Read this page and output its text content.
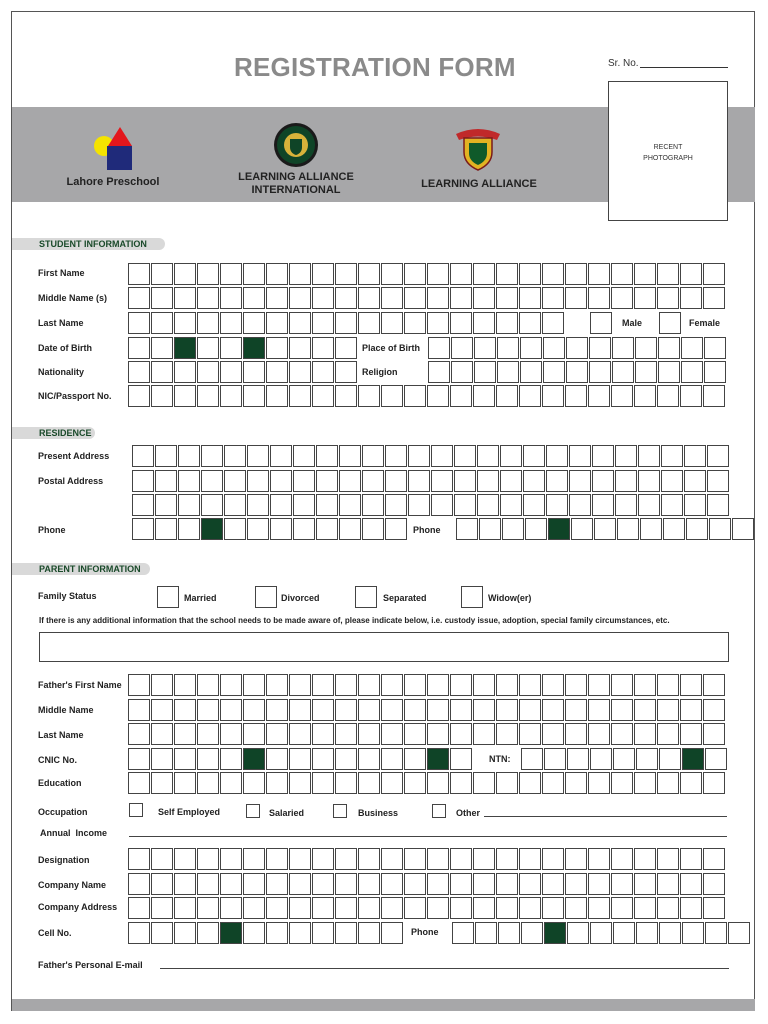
REGISTRATION FORM	Sr. No.
Lahore Preschool	LEARNING ALLIANCE INTERNATIONAL	LEARNING ALLIANCE
RECENT
PHOTOGRAPH
STUDENT INFORMATION
First Name
Middle Name (s)
Last Name	Male	Female
Date of Birth	Place of Birth
Nationality	Religion
NIC/Passport No.
RESIDENCE
Present Address
Postal Address
Phone	Phone
PARENT INFORMATION
Family Status	Married	Divorced	Separated	Widow(er)
If there is any additional information that the school needs to be made aware of, please indicate below, i.e. custody issue, adoption, special family circumstances, etc.
Father's First Name
Middle Name
Last Name
CNIC No.	NTN:
Education
Occupation	Self Employed	Salaried	Business	Other
Annual  Income
Designation
Company Name
Company Address
Cell No.	Phone
Father's Personal E-mail
